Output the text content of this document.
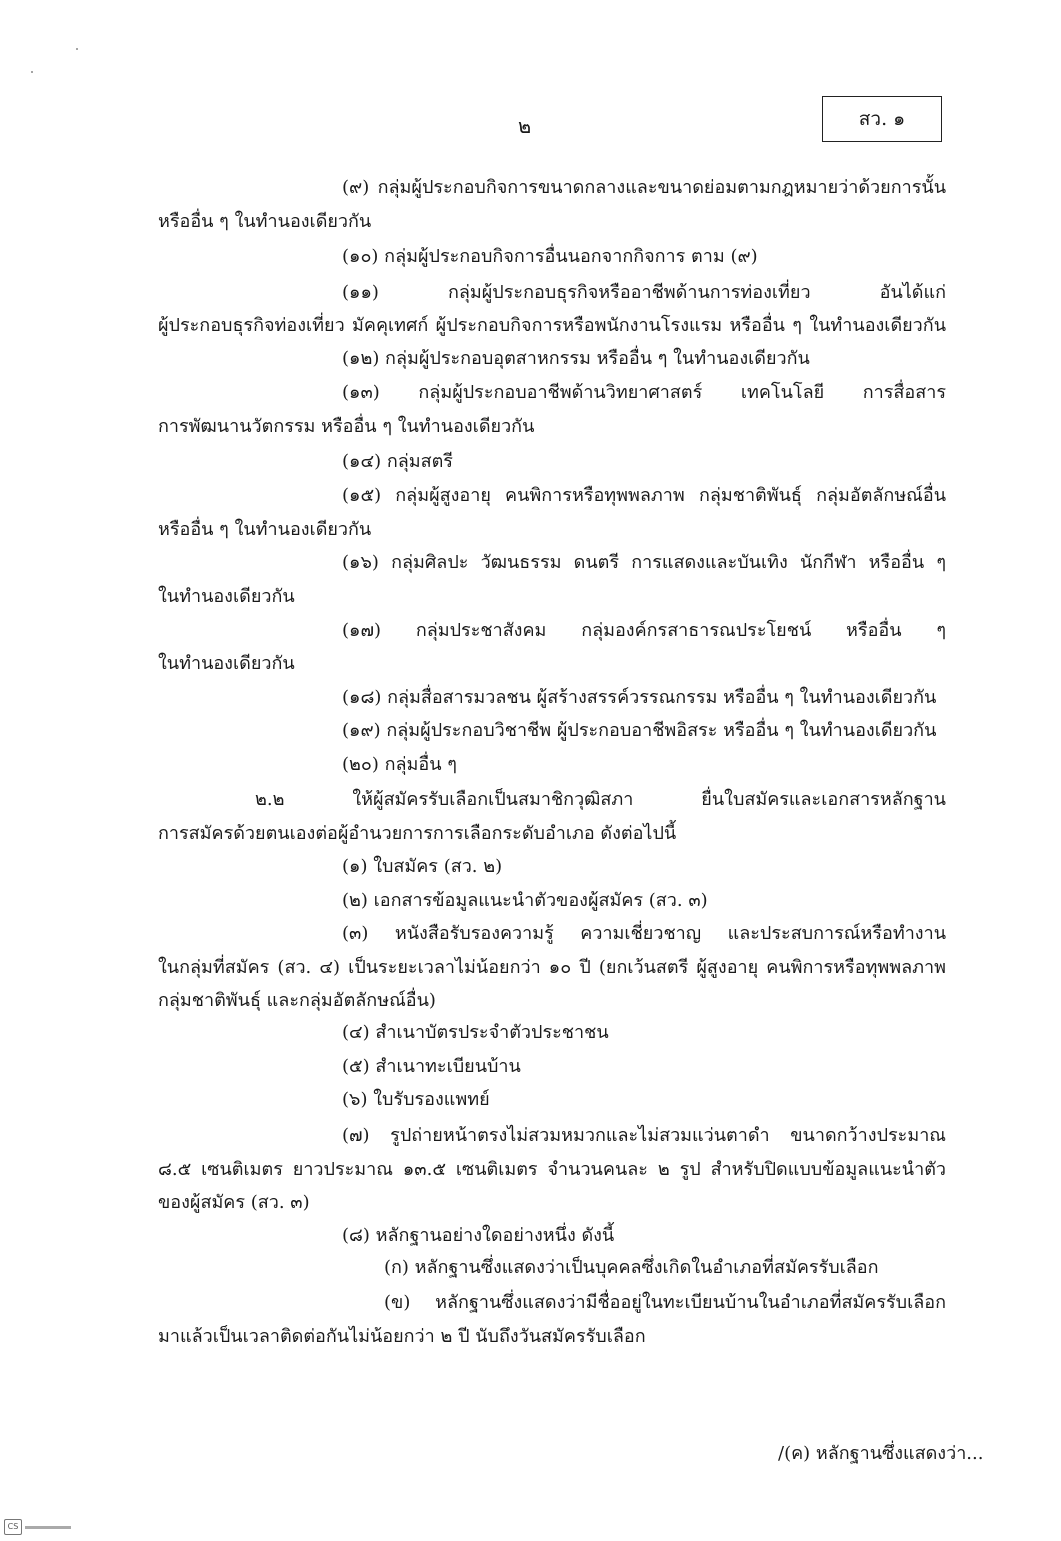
๒	สว. ๑
(๙) กลุ่มผู้ประกอบกิจการขนาดกลางและขนาดย่อมตามกฎหมายว่าด้วยการนั้น
หรืออื่น ๆ ในทำนองเดียวกัน
(๑๐) กลุ่มผู้ประกอบกิจการอื่นนอกจากกิจการ ตาม (๙)
(๑๑) กลุ่มผู้ประกอบธุรกิจหรืออาชีพด้านการท่องเที่ยว อันได้แก่
ผู้ประกอบธุรกิจท่องเที่ยว มัคคุเทศก์ ผู้ประกอบกิจการหรือพนักงานโรงแรม หรืออื่น ๆ ในทำนองเดียวกัน
(๑๒) กลุ่มผู้ประกอบอุตสาหกรรม หรืออื่น ๆ ในทำนองเดียวกัน
(๑๓) กลุ่มผู้ประกอบอาชีพด้านวิทยาศาสตร์ เทคโนโลยี การสื่อสาร
การพัฒนานวัตกรรม หรืออื่น ๆ ในทำนองเดียวกัน
(๑๔) กลุ่มสตรี
(๑๕) กลุ่มผู้สูงอายุ คนพิการหรือทุพพลภาพ กลุ่มชาติพันธุ์ กลุ่มอัตลักษณ์อื่น
หรืออื่น ๆ ในทำนองเดียวกัน
(๑๖) กลุ่มศิลปะ วัฒนธรรม ดนตรี การแสดงและบันเทิง นักกีฬา หรืออื่น ๆ
ในทำนองเดียวกัน
(๑๗) กลุ่มประชาสังคม กลุ่มองค์กรสาธารณประโยชน์ หรืออื่น ๆ
ในทำนองเดียวกัน
(๑๘) กลุ่มสื่อสารมวลชน ผู้สร้างสรรค์วรรณกรรม หรืออื่น ๆ ในทำนองเดียวกัน
(๑๙) กลุ่มผู้ประกอบวิชาชีพ ผู้ประกอบอาชีพอิสระ หรืออื่น ๆ ในทำนองเดียวกัน
(๒๐) กลุ่มอื่น ๆ
๒.๒ ให้ผู้สมัครรับเลือกเป็นสมาชิกวุฒิสภา ยื่นใบสมัครและเอกสารหลักฐาน
การสมัครด้วยตนเองต่อผู้อำนวยการการเลือกระดับอำเภอ ดังต่อไปนี้
(๑) ใบสมัคร (สว. ๒)
(๒) เอกสารข้อมูลแนะนำตัวของผู้สมัคร (สว. ๓)
(๓) หนังสือรับรองความรู้ ความเชี่ยวชาญ และประสบการณ์หรือทำงาน
ในกลุ่มที่สมัคร (สว. ๔) เป็นระยะเวลาไม่น้อยกว่า ๑๐ ปี (ยกเว้นสตรี ผู้สูงอายุ คนพิการหรือทุพพลภาพ
กลุ่มชาติพันธุ์ และกลุ่มอัตลักษณ์อื่น)
(๔) สำเนาบัตรประจำตัวประชาชน
(๕) สำเนาทะเบียนบ้าน
(๖) ใบรับรองแพทย์
(๗) รูปถ่ายหน้าตรงไม่สวมหมวกและไม่สวมแว่นตาดำ ขนาดกว้างประมาณ
๘.๕ เซนติเมตร ยาวประมาณ ๑๓.๕ เซนติเมตร จำนวนคนละ ๒ รูป สำหรับปิดแบบข้อมูลแนะนำตัว
ของผู้สมัคร (สว. ๓)
(๘) หลักฐานอย่างใดอย่างหนึ่ง ดังนี้
(ก) หลักฐานซึ่งแสดงว่าเป็นบุคคลซึ่งเกิดในอำเภอที่สมัครรับเลือก
(ข) หลักฐานซึ่งแสดงว่ามีชื่ออยู่ในทะเบียนบ้านในอำเภอที่สมัครรับเลือก
มาแล้วเป็นเวลาติดต่อกันไม่น้อยกว่า ๒ ปี นับถึงวันสมัครรับเลือก
/(ค) หลักฐานซึ่งแสดงว่า...
CS
